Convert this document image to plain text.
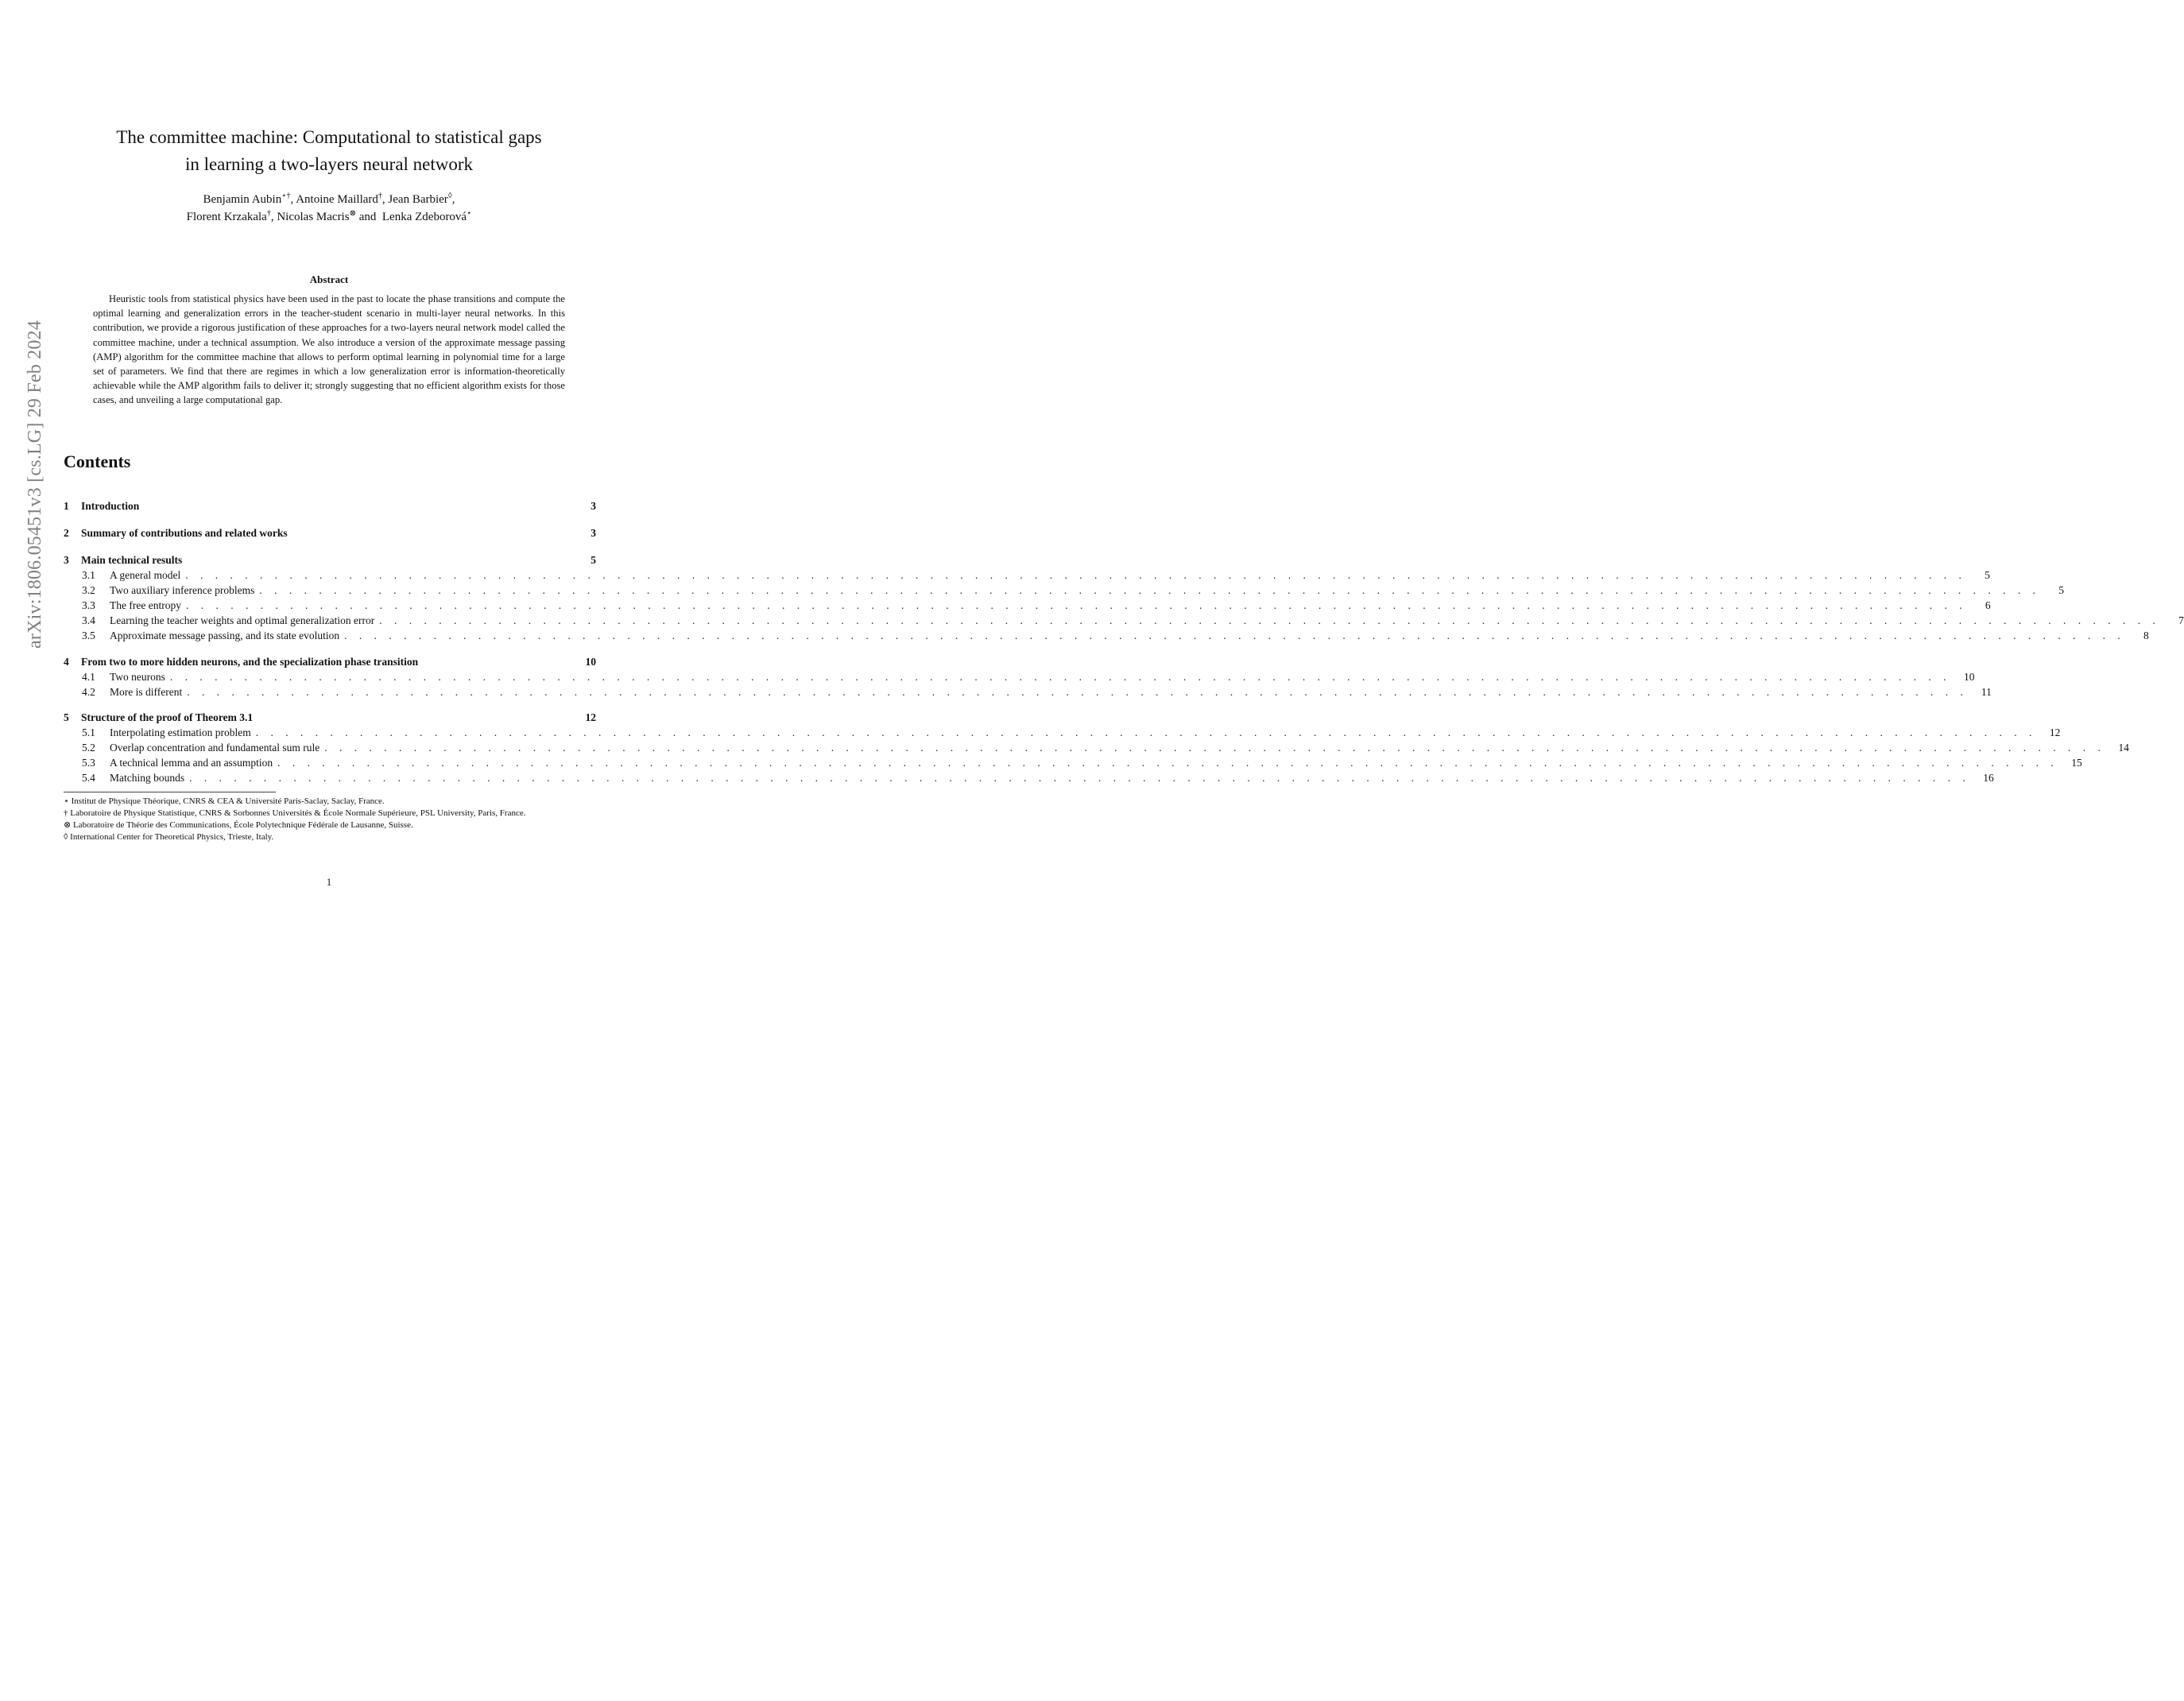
arXiv:1806.05451v3 [cs.LG] 29 Feb 2024
The committee machine: Computational to statistical gaps
in learning a two-layers neural network
Benjamin Aubin⋆†, Antoine Maillard†, Jean Barbier◊,
Florent Krzakala†, Nicolas Macris⊗ and  Lenka Zdeborová⋆
Abstract
Heuristic tools from statistical physics have been used in the past to locate the phase transitions and compute the optimal learning and generalization errors in the teacher-student scenario in multi-layer neural networks. In this contribution, we provide a rigorous justification of these approaches for a two-layers neural network model called the committee machine, under a technical assumption. We also introduce a version of the approximate message passing (AMP) algorithm for the committee machine that allows to perform optimal learning in polynomial time for a large set of parameters. We find that there are regimes in which a low generalization error is information-theoretically achievable while the AMP algorithm fails to deliver it; strongly suggesting that no efficient algorithm exists for those cases, and unveiling a large computational gap.
Contents
1	Introduction	3
2	Summary of contributions and related works	3
3	Main technical results	5
3.1	A general model . . . . . . . . . . . . . . . . . . . . . . . . . . . . . . . . . . . . . . . . . . . . . . . . . . . . . . . . . . . . . . . . . . . . . . . . . . . . . . . . . . . . . . . . . . . . . . . . . . . . . . . . . . . . . . . . . . . . . . . .	5
3.2	Two auxiliary inference problems . . . . . . . . . . . . . . . . . . . . . . . . . . . . . . . . . . . . . . . . . . . . . . . . . . . . . . . . . . . . . . . . . . . . . . . . . . . . . . . . . . . . . . . . . . . . . . . . . . . . . . . . . . . . . . . . . . . . . . . .	5
3.3	The free entropy . . . . . . . . . . . . . . . . . . . . . . . . . . . . . . . . . . . . . . . . . . . . . . . . . . . . . . . . . . . . . . . . . . . . . . . . . . . . . . . . . . . . . . . . . . . . . . . . . . . . . . . . . . . . . . . . . . . . . . . .	6
3.4	Learning the teacher weights and optimal generalization error . . . . . . . . . . . . . . . . . . . . . . . . . . . . . . . . . . . . . . . . . . . . . . . . . . . . . . . . . . . . . . . . . . . . . . . . . . . . . . . . . . . . . . . . . . . . . . . . . . . . . . . . . . . . . . . . . . . . . . . .	7
3.5	Approximate message passing, and its state evolution . . . . . . . . . . . . . . . . . . . . . . . . . . . . . . . . . . . . . . . . . . . . . . . . . . . . . . . . . . . . . . . . . . . . . . . . . . . . . . . . . . . . . . . . . . . . . . . . . . . . . . . . . . . . . . . . . . . . . . . .	8
4	From two to more hidden neurons, and the specialization phase transition	10
4.1	Two neurons . . . . . . . . . . . . . . . . . . . . . . . . . . . . . . . . . . . . . . . . . . . . . . . . . . . . . . . . . . . . . . . . . . . . . . . . . . . . . . . . . . . . . . . . . . . . . . . . . . . . . . . . . . . . . . . . . . . . . . . .	10
4.2	More is different . . . . . . . . . . . . . . . . . . . . . . . . . . . . . . . . . . . . . . . . . . . . . . . . . . . . . . . . . . . . . . . . . . . . . . . . . . . . . . . . . . . . . . . . . . . . . . . . . . . . . . . . . . . . . . . . . . . . . . . .	11
5	Structure of the proof of Theorem 3.1	12
5.1	Interpolating estimation problem . . . . . . . . . . . . . . . . . . . . . . . . . . . . . . . . . . . . . . . . . . . . . . . . . . . . . . . . . . . . . . . . . . . . . . . . . . . . . . . . . . . . . . . . . . . . . . . . . . . . . . . . . . . . . . . . . . . . . . . .	12
5.2	Overlap concentration and fundamental sum rule . . . . . . . . . . . . . . . . . . . . . . . . . . . . . . . . . . . . . . . . . . . . . . . . . . . . . . . . . . . . . . . . . . . . . . . . . . . . . . . . . . . . . . . . . . . . . . . . . . . . . . . . . . . . . . . . . . . . . . . .	14
5.3	A technical lemma and an assumption . . . . . . . . . . . . . . . . . . . . . . . . . . . . . . . . . . . . . . . . . . . . . . . . . . . . . . . . . . . . . . . . . . . . . . . . . . . . . . . . . . . . . . . . . . . . . . . . . . . . . . . . . . . . . . . . . . . . . . . .	15
5.4	Matching bounds . . . . . . . . . . . . . . . . . . . . . . . . . . . . . . . . . . . . . . . . . . . . . . . . . . . . . . . . . . . . . . . . . . . . . . . . . . . . . . . . . . . . . . . . . . . . . . . . . . . . . . . . . . . . . . . . . . . . . . . .	16
⋆ Institut de Physique Théorique, CNRS & CEA & Université Paris-Saclay, Saclay, France.
† Laboratoire de Physique Statistique, CNRS & Sorbonnes Universités & École Normale Supérieure, PSL University, Paris, France.
⊗ Laboratoire de Théorie des Communications, École Polytechnique Fédérale de Lausanne, Suisse.
◊ International Center for Theoretical Physics, Trieste, Italy.
1
